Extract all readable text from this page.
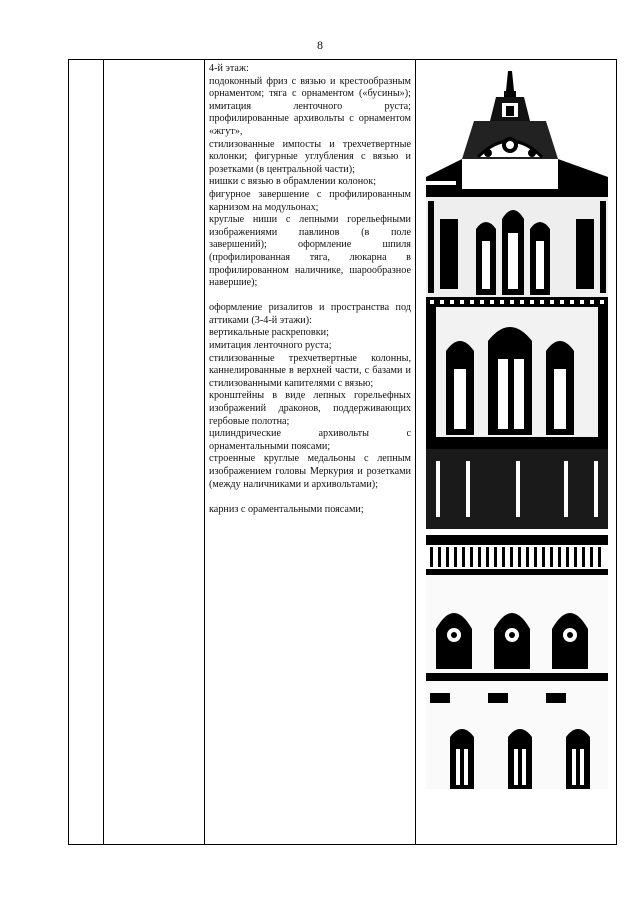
8

4-й этаж:

подоконный фриз с вязью и крестообразным орнаментом; тяга с орнаментом («бусины»); имитация ленточного руста; профилированные архивольты с орнаментом «жгут»,

стилизованные импосты и трехчетвертные колонки; фигурные углубления с вязью и розетками (в центральной части);

нишки с вязью в обрамлении колонок;

фигурное завершение с профилированным карнизом на модульонах;

круглые ниши с лепными горельефными изображениями павлинов (в поле завершений); оформление шпиля (профилированная тяга, люкарна в профилированном наличнике, шарообразное навершие);

оформление ризалитов и пространства под аттиками (3-4-й этажи):

вертикальные раскреповки;

имитация ленточного руста;

стилизованные трехчетвертные колонны, каннелированные в верхней части, с базами и стилизованными капителями с вязью;

кронштейны в виде лепных горельефных изображений драконов, поддерживающих гербовые полотна;

цилиндрические архивольты с орнаментальными поясами;

строенные круглые медальоны с лепным изображением головы Меркурия и розетками (между наличниками и архивольтами);

карниз с ораментальными поясами;
